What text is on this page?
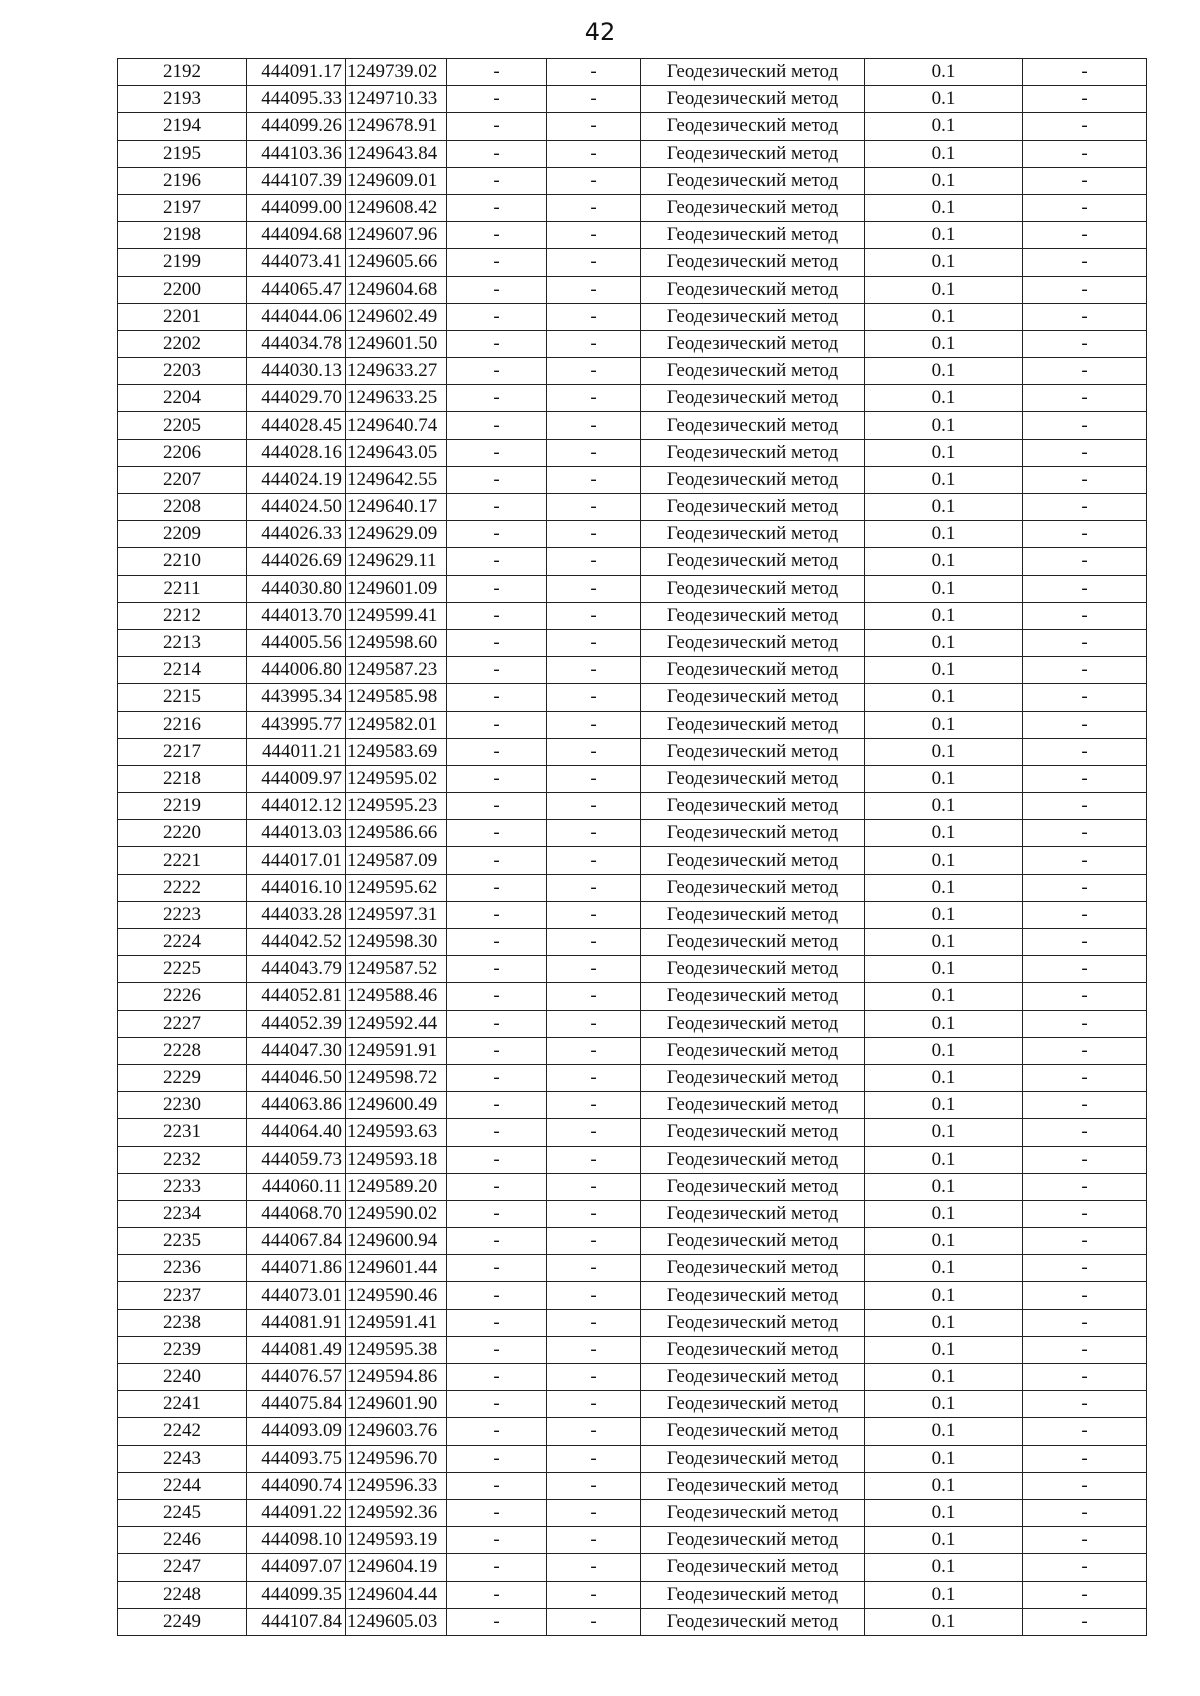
42
2192	444091.17	1249739.02	-	-	Геодезический метод	0.1	-
2193	444095.33	1249710.33	-	-	Геодезический метод	0.1	-
2194	444099.26	1249678.91	-	-	Геодезический метод	0.1	-
2195	444103.36	1249643.84	-	-	Геодезический метод	0.1	-
2196	444107.39	1249609.01	-	-	Геодезический метод	0.1	-
2197	444099.00	1249608.42	-	-	Геодезический метод	0.1	-
2198	444094.68	1249607.96	-	-	Геодезический метод	0.1	-
2199	444073.41	1249605.66	-	-	Геодезический метод	0.1	-
2200	444065.47	1249604.68	-	-	Геодезический метод	0.1	-
2201	444044.06	1249602.49	-	-	Геодезический метод	0.1	-
2202	444034.78	1249601.50	-	-	Геодезический метод	0.1	-
2203	444030.13	1249633.27	-	-	Геодезический метод	0.1	-
2204	444029.70	1249633.25	-	-	Геодезический метод	0.1	-
2205	444028.45	1249640.74	-	-	Геодезический метод	0.1	-
2206	444028.16	1249643.05	-	-	Геодезический метод	0.1	-
2207	444024.19	1249642.55	-	-	Геодезический метод	0.1	-
2208	444024.50	1249640.17	-	-	Геодезический метод	0.1	-
2209	444026.33	1249629.09	-	-	Геодезический метод	0.1	-
2210	444026.69	1249629.11	-	-	Геодезический метод	0.1	-
2211	444030.80	1249601.09	-	-	Геодезический метод	0.1	-
2212	444013.70	1249599.41	-	-	Геодезический метод	0.1	-
2213	444005.56	1249598.60	-	-	Геодезический метод	0.1	-
2214	444006.80	1249587.23	-	-	Геодезический метод	0.1	-
2215	443995.34	1249585.98	-	-	Геодезический метод	0.1	-
2216	443995.77	1249582.01	-	-	Геодезический метод	0.1	-
2217	444011.21	1249583.69	-	-	Геодезический метод	0.1	-
2218	444009.97	1249595.02	-	-	Геодезический метод	0.1	-
2219	444012.12	1249595.23	-	-	Геодезический метод	0.1	-
2220	444013.03	1249586.66	-	-	Геодезический метод	0.1	-
2221	444017.01	1249587.09	-	-	Геодезический метод	0.1	-
2222	444016.10	1249595.62	-	-	Геодезический метод	0.1	-
2223	444033.28	1249597.31	-	-	Геодезический метод	0.1	-
2224	444042.52	1249598.30	-	-	Геодезический метод	0.1	-
2225	444043.79	1249587.52	-	-	Геодезический метод	0.1	-
2226	444052.81	1249588.46	-	-	Геодезический метод	0.1	-
2227	444052.39	1249592.44	-	-	Геодезический метод	0.1	-
2228	444047.30	1249591.91	-	-	Геодезический метод	0.1	-
2229	444046.50	1249598.72	-	-	Геодезический метод	0.1	-
2230	444063.86	1249600.49	-	-	Геодезический метод	0.1	-
2231	444064.40	1249593.63	-	-	Геодезический метод	0.1	-
2232	444059.73	1249593.18	-	-	Геодезический метод	0.1	-
2233	444060.11	1249589.20	-	-	Геодезический метод	0.1	-
2234	444068.70	1249590.02	-	-	Геодезический метод	0.1	-
2235	444067.84	1249600.94	-	-	Геодезический метод	0.1	-
2236	444071.86	1249601.44	-	-	Геодезический метод	0.1	-
2237	444073.01	1249590.46	-	-	Геодезический метод	0.1	-
2238	444081.91	1249591.41	-	-	Геодезический метод	0.1	-
2239	444081.49	1249595.38	-	-	Геодезический метод	0.1	-
2240	444076.57	1249594.86	-	-	Геодезический метод	0.1	-
2241	444075.84	1249601.90	-	-	Геодезический метод	0.1	-
2242	444093.09	1249603.76	-	-	Геодезический метод	0.1	-
2243	444093.75	1249596.70	-	-	Геодезический метод	0.1	-
2244	444090.74	1249596.33	-	-	Геодезический метод	0.1	-
2245	444091.22	1249592.36	-	-	Геодезический метод	0.1	-
2246	444098.10	1249593.19	-	-	Геодезический метод	0.1	-
2247	444097.07	1249604.19	-	-	Геодезический метод	0.1	-
2248	444099.35	1249604.44	-	-	Геодезический метод	0.1	-
2249	444107.84	1249605.03	-	-	Геодезический метод	0.1	-
